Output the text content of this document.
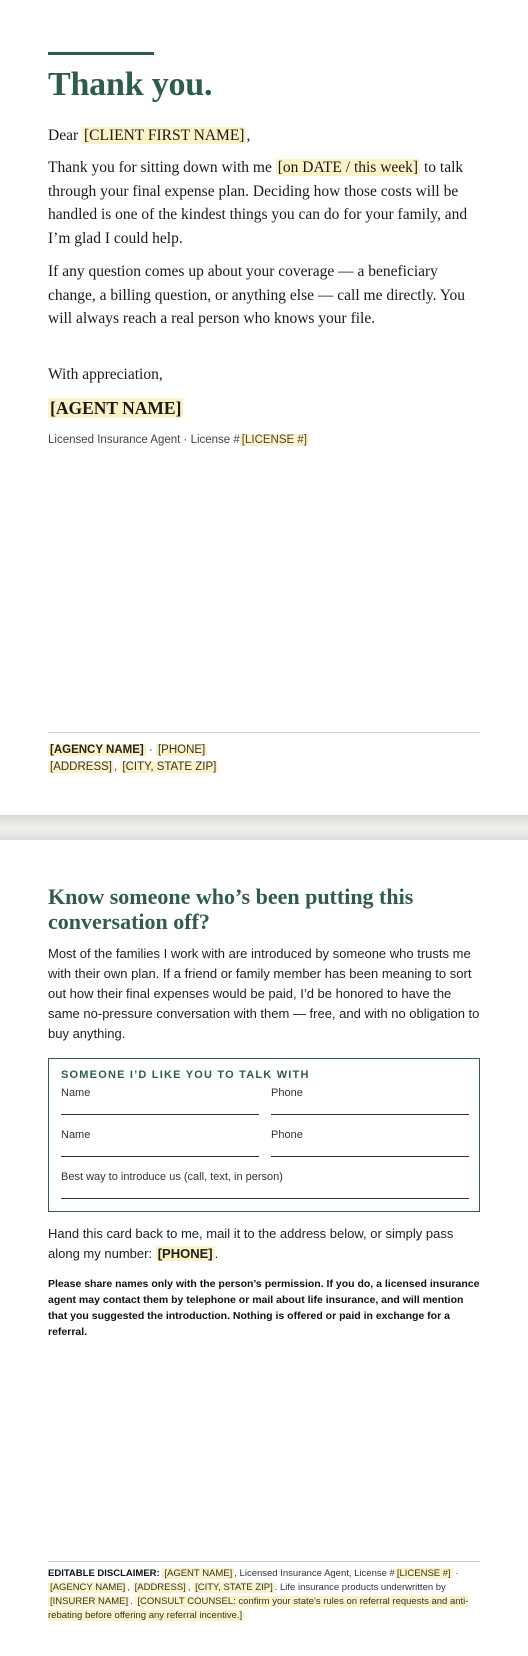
Thank you.
Dear [CLIENT FIRST NAME] ,
Thank you for sitting down with me [on DATE / this week] to talk through your final expense plan. Deciding how those costs will be handled is one of the kindest things you can do for your family, and I’m glad I could help.
If any question comes up about your coverage — a beneficiary change, a billing question, or anything else — call me directly. You will always reach a real person who knows your file.
With appreciation,
[AGENT NAME]
Licensed Insurance Agent · License # [LICENSE #]
[AGENCY NAME] · [PHONE]
[ADDRESS] , [CITY, STATE ZIP]
Know someone who’s been putting this conversation off?
Most of the families I work with are introduced by someone who trusts me with their own plan. If a friend or family member has been meaning to sort out how their final expenses would be paid, I’d be honored to have the same no-pressure conversation with them — free, and with no obligation to buy anything.
SOMEONE I’D LIKE YOU TO TALK WITH
Name	Phone
Name	Phone
Best way to introduce us (call, text, in person)
Hand this card back to me, mail it to the address below, or simply pass along my number: [PHONE] .
Please share names only with the person’s permission. If you do, a licensed insurance agent may contact them by telephone or mail about life insurance, and will mention that you suggested the introduction. Nothing is offered or paid in exchange for a referral.
EDITABLE DISCLAIMER: [AGENT NAME] , Licensed Insurance Agent, License # [LICENSE #] · [AGENCY NAME] , [ADDRESS] , [CITY, STATE ZIP] . Life insurance products underwritten by [INSURER NAME] . [CONSULT COUNSEL: confirm your state’s rules on referral requests and anti-rebating before offering any referral incentive.]
